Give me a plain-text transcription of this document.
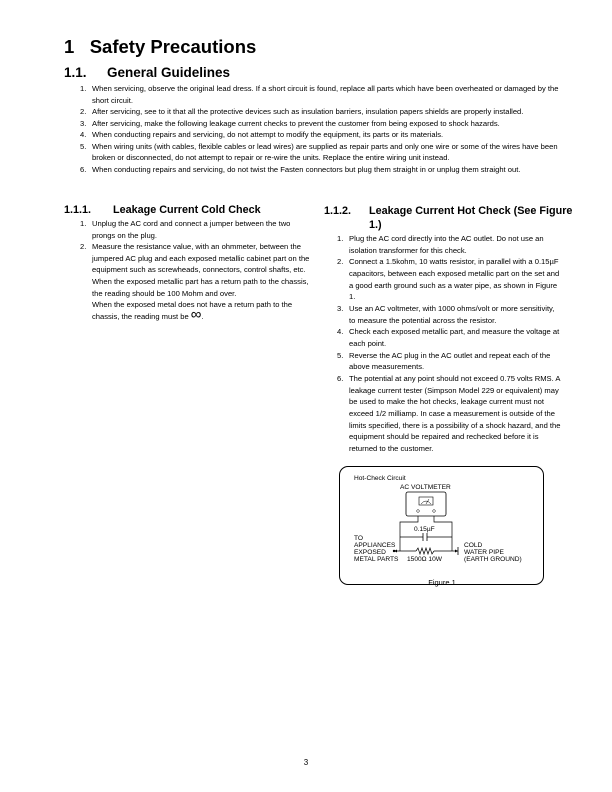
1 Safety Precautions
1.1. General Guidelines
1. When servicing, observe the original lead dress. If a short circuit is found, replace all parts which have been overheated or damaged by the short circuit.
2. After servicing, see to it that all the protective devices such as insulation barriers, insulation papers shields are properly installed.
3. After servicing, make the following leakage current checks to prevent the customer from being exposed to shock hazards.
4. When conducting repairs and servicing, do not attempt to modify the equipment, its parts or its materials.
5. When wiring units (with cables, flexible cables or lead wires) are supplied as repair parts and only one wire or some of the wires have been broken or disconnected, do not attempt to repair or re-wire the units. Replace the entire wiring unit instead.
6. When conducting repairs and servicing, do not twist the Fasten connectors but plug them straight in or unplug them straight out.
1.1.1. Leakage Current Cold Check
1. Unplug the AC cord and connect a jumper between the two prongs on the plug.
2. Measure the resistance value, with an ohmmeter, between the jumpered AC plug and each exposed metallic cabinet part on the equipment such as screwheads, connectors, control shafts, etc. When the exposed metallic part has a return path to the chassis, the reading should be 100 Mohm and over.
When the exposed metal does not have a return path to the chassis, the reading must be ∞.
1.1.2.	Leakage Current Hot Check (See Figure 1.)
1. Plug the AC cord directly into the AC outlet. Do not use an isolation transformer for this check.
2. Connect a 1.5kohm, 10 watts resistor, in parallel with a 0.15µF capacitors, between each exposed metallic part on the set and a good earth ground such as a water pipe, as shown in Figure 1.
3. Use an AC voltmeter, with 1000 ohms/volt or more sensitivity, to measure the potential across the resistor.
4. Check each exposed metallic part, and measure the voltage at each point.
5. Reverse the AC plug in the AC outlet and repeat each of the above measurements.
6. The potential at any point should not exceed 0.75 volts RMS. A leakage current tester (Simpson Model 229 or equivalent) may be used to make the hot checks, leakage current must not exceed 1/2 milliamp. In case a measurement is outside of the limits specified, there is a possibility of a shock hazard, and the equipment should be repaired and rechecked before it is returned to the customer.
Hot-Check Circuit
AC VOLTMETER
0.15µF
TO
APPLIANCES
EXPOSED
METAL PARTS 1500Ω 10W
COLD
WATER PIPE
(EARTH GROUND)
Figure 1
3
